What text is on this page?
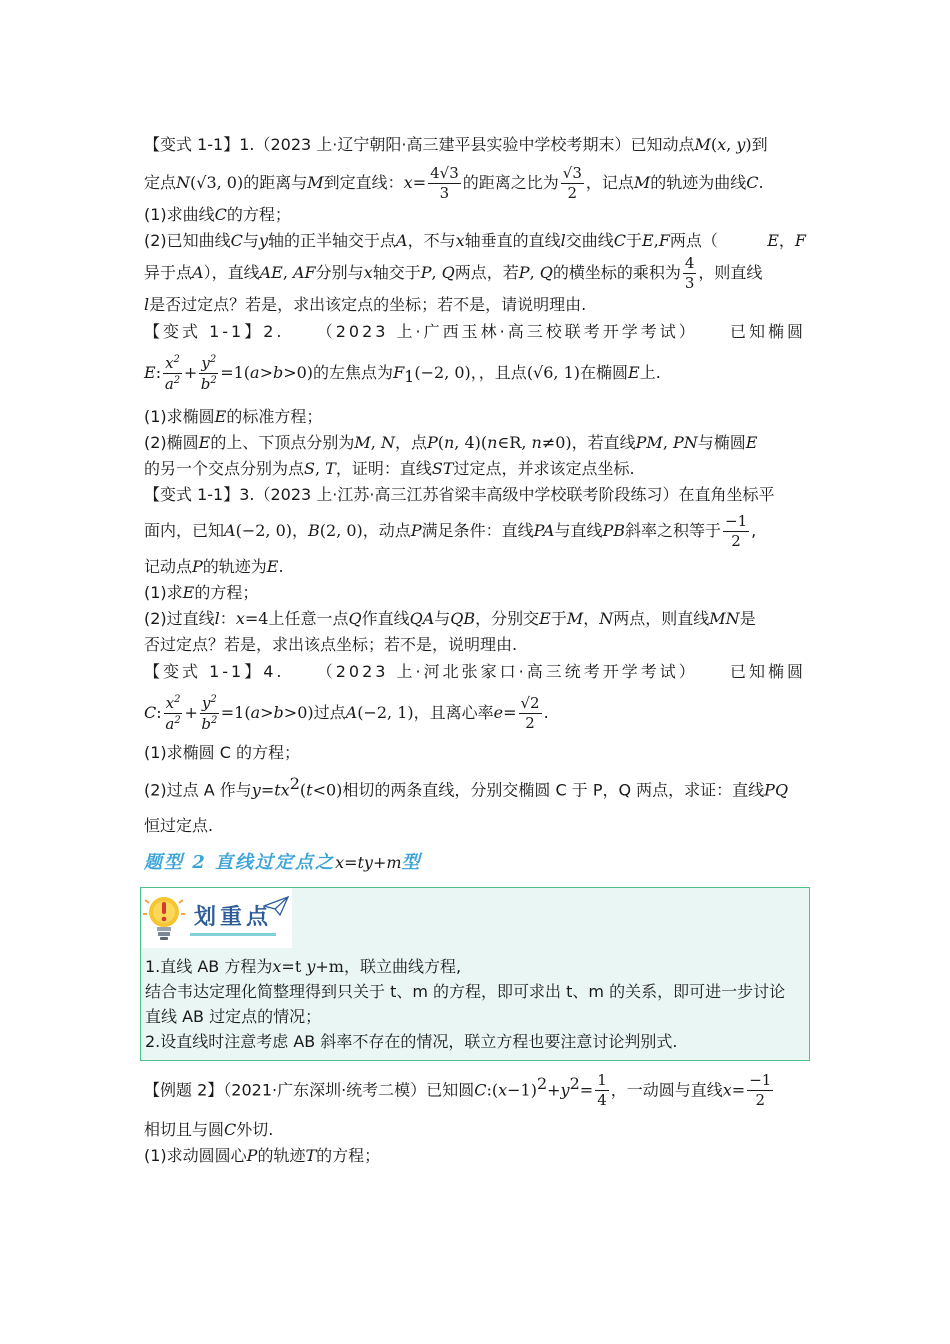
【变式 1-1】1.（2023 上·辽宁朝阳·高三建平县实验中学校考期末）已知动点M(x, y)到

定点N(√3, 0)的距离与M到定直线：$x= \frac{4√3}{3}$ 的距离之比为 $\frac{√3}{2}$ ，记点M的轨迹为曲线C.

(1)求曲线C的方程；

(2)已知曲线C与y轴的正半轴交于点A，不与x轴垂直的直线l交曲线C于E,F两点（	E，F

异于点A），直线AE, AF分别与x轴交于P, Q两点，若P, Q的横坐标的乘积为 $\frac{4}{3}$ ，则直线

l是否过定点？若是，求出该定点的坐标；若不是，请说明理由.

【变式 1-1】2. （2023 上·广西玉林·高三校联考开学考试） 已知椭圆

E: $\frac{x^2}{a^2} + \frac{y^2}{b^2} =1(a>b>0)$的左焦点为$F_1(-2$, 0)，，且点(√6, 1)在椭圆E上.

(1)求椭圆E的标准方程；

(2)椭圆E的上、下顶点分别为M, N，点P(n, 4)(n∈R, n≠0)，若直线PM, PN与椭圆E

的另一个交点分别为点S, T，证明：直线ST过定点，并求该定点坐标.

【变式 1-1】3.（2023 上·江苏·高三江苏省梁丰高级中学校联考阶段练习）在直角坐标平

面内，已知A(−2, 0)，B(2, 0)，动点P满足条件：直线PA与直线PB斜率之积等于 $\frac{-1}{2}$ ,

记动点P的轨迹为E.

(1)求E的方程；

(2)过直线l：x=4上任意一点Q作直线QA与QB，分别交E于M，N两点，则直线MN是

否过定点？若是，求出该点坐标；若不是，说明理由.

【变式 1-1】4. （2023 上·河北张家口·高三统考开学考试） 已知椭圆

C: $\frac{x^2}{a^2} + \frac{y^2}{b^2} =1(a>b>0)$过点A(−2, 1)，且离心率$e= \frac{√2}{2}$ .

(1)求椭圆 C 的方程；

(2)过点 A 作与$y=tx^2(t<0)$相切的两条直线，分别交椭圆 C 于 P，Q 两点，求证：直线PQ

恒过定点.

题型 2 直线过定点之x=ty+m型

划重点

1.直线 AB 方程为x=t y+m，联立曲线方程,

结合韦达定理化简整理得到只关于 t、m 的方程，即可求出 t、m 的关系，即可进一步讨论

直线 AB 过定点的情况；

2.设直线时注意考虑 AB 斜率不存在的情况，联立方程也要注意讨论判别式.

【例题 2】（2021·广东深圳·统考二模）已知圆$C:(x-1)^2+y^2= \frac{1}{4}$ ，一动圆与直线$x= \frac{-1}{2}$

相切且与圆C外切.

(1)求动圆圆心P的轨迹T的方程；
